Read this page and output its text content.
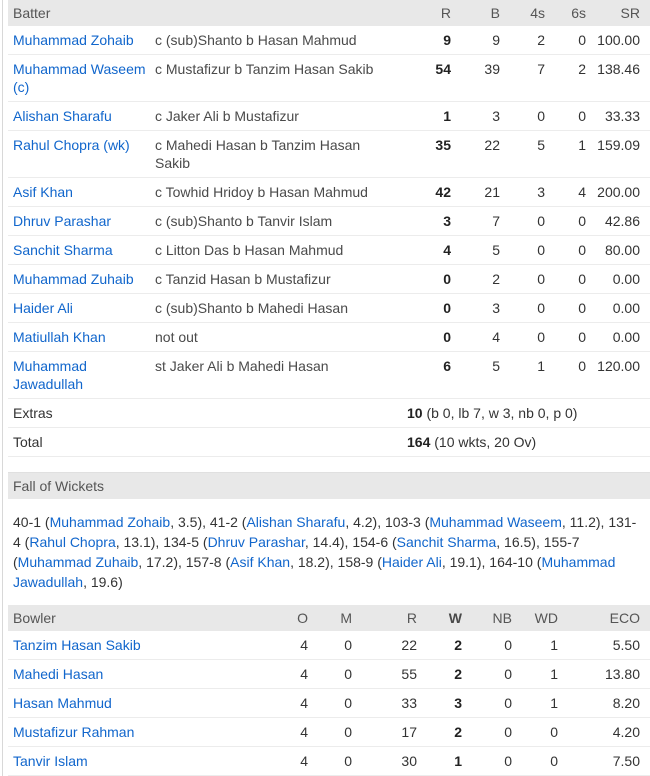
Batter		R	B	4s	6s	SR
Muhammad Zohaib	c (sub)Shanto b Hasan Mahmud	9	9	2	0	100.00
Muhammad Waseem (c)	c Mustafizur b Tanzim Hasan Sakib	54	39	7	2	138.46
Alishan Sharafu	c Jaker Ali b Mustafizur	1	3	0	0	33.33
Rahul Chopra (wk)	c Mahedi Hasan b Tanzim Hasan Sakib	35	22	5	1	159.09
Asif Khan	c Towhid Hridoy b Hasan Mahmud	42	21	3	4	200.00
Dhruv Parashar	c (sub)Shanto b Tanvir Islam	3	7	0	0	42.86
Sanchit Sharma	c Litton Das b Hasan Mahmud	4	5	0	0	80.00
Muhammad Zuhaib	c Tanzid Hasan b Mustafizur	0	2	0	0	0.00
Haider Ali	c (sub)Shanto b Mahedi Hasan	0	3	0	0	0.00
Matiullah Khan	not out	0	4	0	0	0.00
Muhammad Jawadullah	st Jaker Ali b Mahedi Hasan	6	5	1	0	120.00
Extras		10 (b 0, lb 7, w 3, nb 0, p 0)				
Total		164 (10 wkts, 20 Ov)				
Fall of Wickets
40-1 (Muhammad Zohaib, 3.5), 41-2 (Alishan Sharafu, 4.2), 103-3 (Muhammad Waseem, 11.2), 131-4 (Rahul Chopra, 13.1), 134-5 (Dhruv Parashar, 14.4), 154-6 (Sanchit Sharma, 16.5), 155-7 (Muhammad Zuhaib, 17.2), 157-8 (Asif Khan, 18.2), 158-9 (Haider Ali, 19.1), 164-10 (Muhammad Jawadullah, 19.6)
Bowler	O	M	R	W	NB	WD	ECO
Tanzim Hasan Sakib	4	0	22	2	0	1	5.50
Mahedi Hasan	4	0	55	2	0	1	13.80
Hasan Mahmud	4	0	33	3	0	1	8.20
Mustafizur Rahman	4	0	17	2	0	0	4.20
Tanvir Islam	4	0	30	1	0	0	7.50
